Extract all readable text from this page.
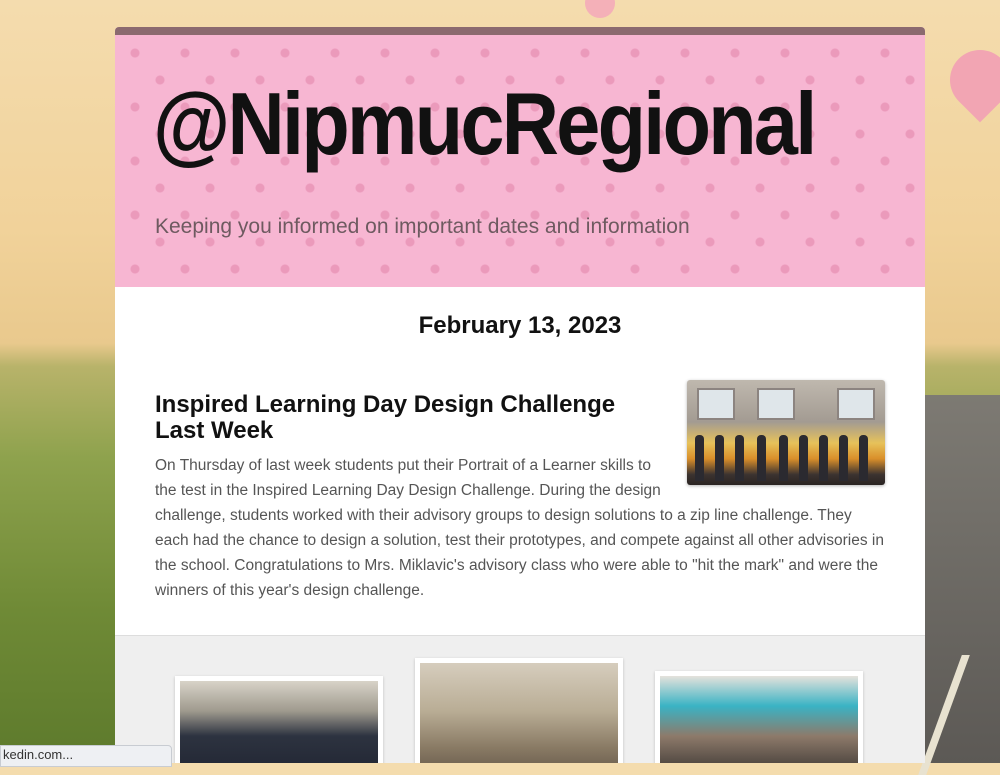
@NipmucRegional
Keeping you informed on important dates and information
February 13, 2023
Inspired Learning Day Design Challenge Last Week

On Thursday of last week students put their Portrait of a Learner skills to the test in the Inspired Learning Day Design Challenge. During the design challenge, students worked with their advisory groups to design solutions to a zip line challenge. They each had the chance to design a solution, test their prototypes, and compete against all other advisories in the school. Congratulations to Mrs. Miklavic's advisory class who were able to "hit the mark" and were the winners of this year's design challenge.

kedin.com...
